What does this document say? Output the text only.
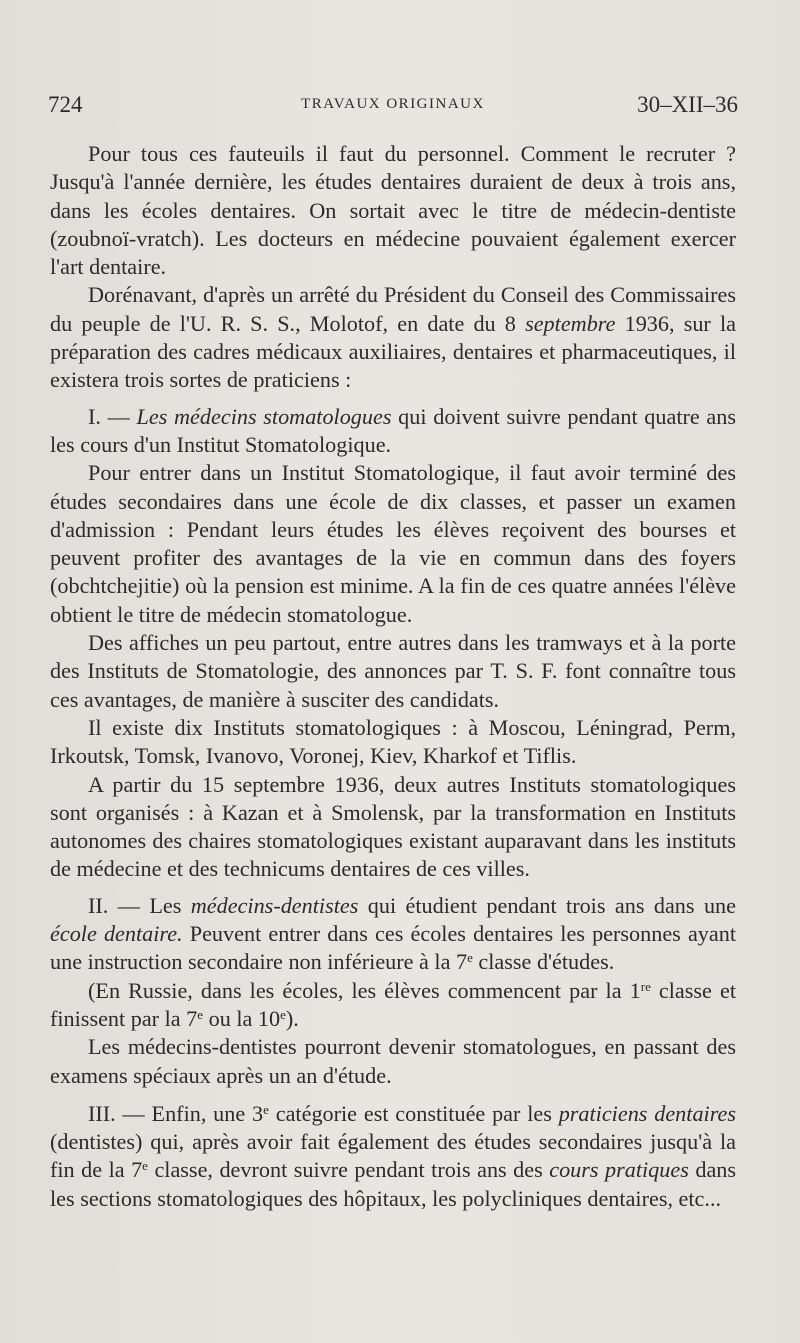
724	TRAVAUX ORIGINAUX	30–XII–36

Pour tous ces fauteuils il faut du personnel. Comment le recruter ? Jusqu'à l'année dernière, les études dentaires duraient de deux à trois ans, dans les écoles dentaires. On sortait avec le titre de médecin-dentiste (zoubnoï-vratch). Les docteurs en médecine pouvaient également exercer l'art dentaire.

Dorénavant, d'après un arrêté du Président du Conseil des Commissaires du peuple de l'U. R. S. S., Molotof, en date du 8 septembre 1936, sur la préparation des cadres médicaux auxiliaires, dentaires et pharmaceutiques, il existera trois sortes de praticiens :

I. — Les médecins stomatologues qui doivent suivre pendant quatre ans les cours d'un Institut Stomatologique.

Pour entrer dans un Institut Stomatologique, il faut avoir terminé des études secondaires dans une école de dix classes, et passer un examen d'admission : Pendant leurs études les élèves reçoivent des bourses et peuvent profiter des avantages de la vie en commun dans des foyers (obchtchejitie) où la pension est minime. A la fin de ces quatre années l'élève obtient le titre de médecin stomatologue.

Des affiches un peu partout, entre autres dans les tramways et à la porte des Instituts de Stomatologie, des annonces par T. S. F. font connaître tous ces avantages, de manière à susciter des candidats.

Il existe dix Instituts stomatologiques : à Moscou, Léningrad, Perm, Irkoutsk, Tomsk, Ivanovo, Voronej, Kiev, Kharkof et Tiflis.

A partir du 15 septembre 1936, deux autres Instituts stomatologiques sont organisés : à Kazan et à Smolensk, par la transformation en Instituts autonomes des chaires stomatologiques existant auparavant dans les instituts de médecine et des technicums dentaires de ces villes.

II. — Les médecins-dentistes qui étudient pendant trois ans dans une école dentaire. Peuvent entrer dans ces écoles dentaires les personnes ayant une instruction secondaire non inférieure à la 7e classe d'études.

(En Russie, dans les écoles, les élèves commencent par la 1re classe et finissent par la 7e ou la 10e).

Les médecins-dentistes pourront devenir stomatologues, en passant des examens spéciaux après un an d'étude.

III. — Enfin, une 3e catégorie est constituée par les praticiens dentaires (dentistes) qui, après avoir fait également des études secondaires jusqu'à la fin de la 7e classe, devront suivre pendant trois ans des cours pratiques dans les sections stomatologiques des hôpitaux, les polycliniques dentaires, etc...
